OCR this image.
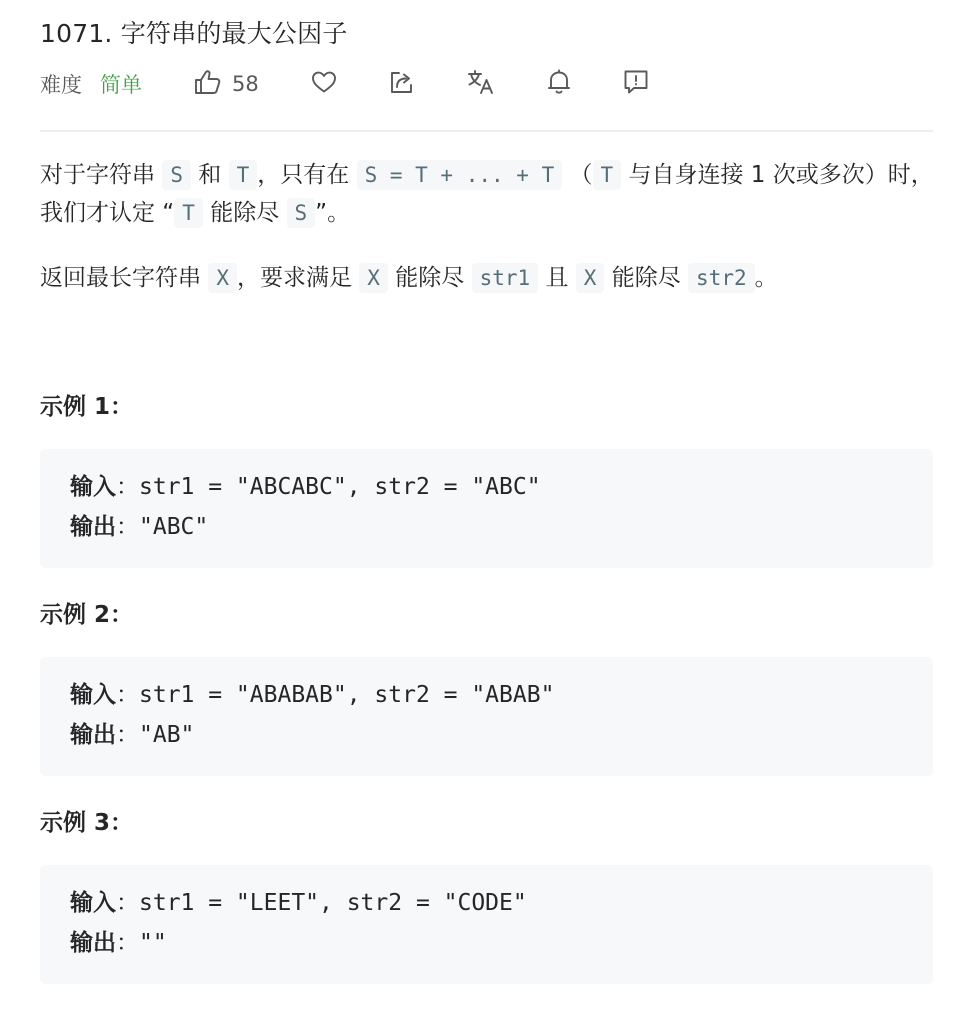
1071. 字符串的最大公因子
难度 简单	58
对于字符串 S 和 T ，只有在 S = T + ... + T （ T 与自身连接 1 次或多次）时，我们才认定 “ T 能除尽 S ”。
返回最长字符串 X ，要求满足 X 能除尽 str1 且 X 能除尽 str2 。
示例 1：
输入：str1 = "ABCABC", str2 = "ABC"
输出："ABC"
示例 2：
输入：str1 = "ABABAB", str2 = "ABAB"
输出："AB"
示例 3：
输入：str1 = "LEET", str2 = "CODE"
输出：""
